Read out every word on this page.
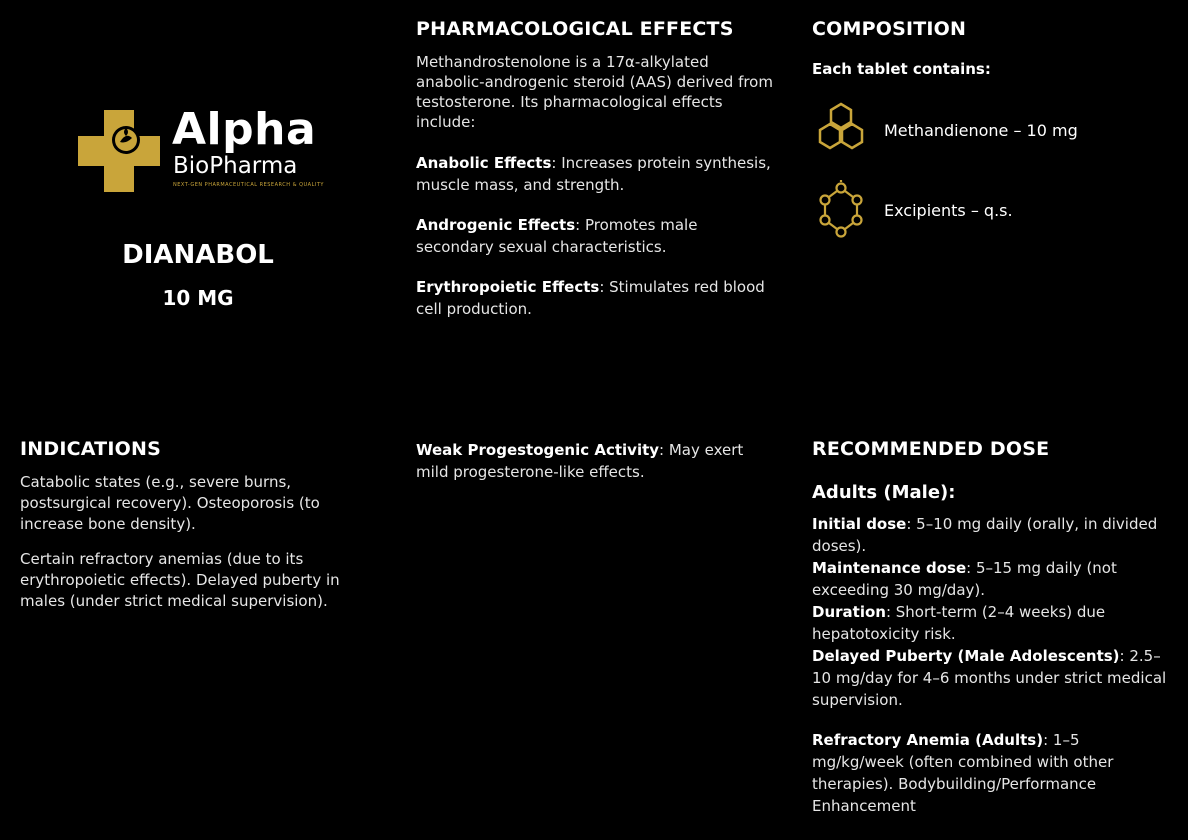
Alpha
BioPharma
NEXT-GEN PHARMACEUTICAL RESEARCH & QUALITY
DIANABOL
10 MG
PHARMACOLOGICAL EFFECTS

Methandrostenolone is a 17α-alkylated anabolic-androgenic steroid (AAS) derived from testosterone. Its pharmacological effects include:

Anabolic Effects: Increases protein synthesis, muscle mass, and strength.

Androgenic Effects: Promotes male secondary sexual characteristics.

Erythropoietic Effects: Stimulates red blood cell production.

Weak Progestogenic Activity: May exert mild progesterone-like effects.

COMPOSITION

Each tablet contains:

Methandienone – 10 mg
Excipients – q.s.
INDICATIONS

Catabolic states (e.g., severe burns, postsurgical recovery). Osteoporosis (to increase bone density).

Certain refractory anemias (due to its erythropoietic effects). Delayed puberty in males (under strict medical supervision).

RECOMMENDED DOSE
Adults (Male):

Initial dose: 5–10 mg daily (orally, in divided doses).

Maintenance dose: 5–15 mg daily (not exceeding 30 mg/day).

Duration: Short-term (2–4 weeks) due hepatotoxicity risk.

Delayed Puberty (Male Adolescents): 2.5–10 mg/day for 4–6 months under strict medical supervision.

Refractory Anemia (Adults): 1–5 mg/kg/week (often combined with other therapies). Bodybuilding/Performance Enhancement
